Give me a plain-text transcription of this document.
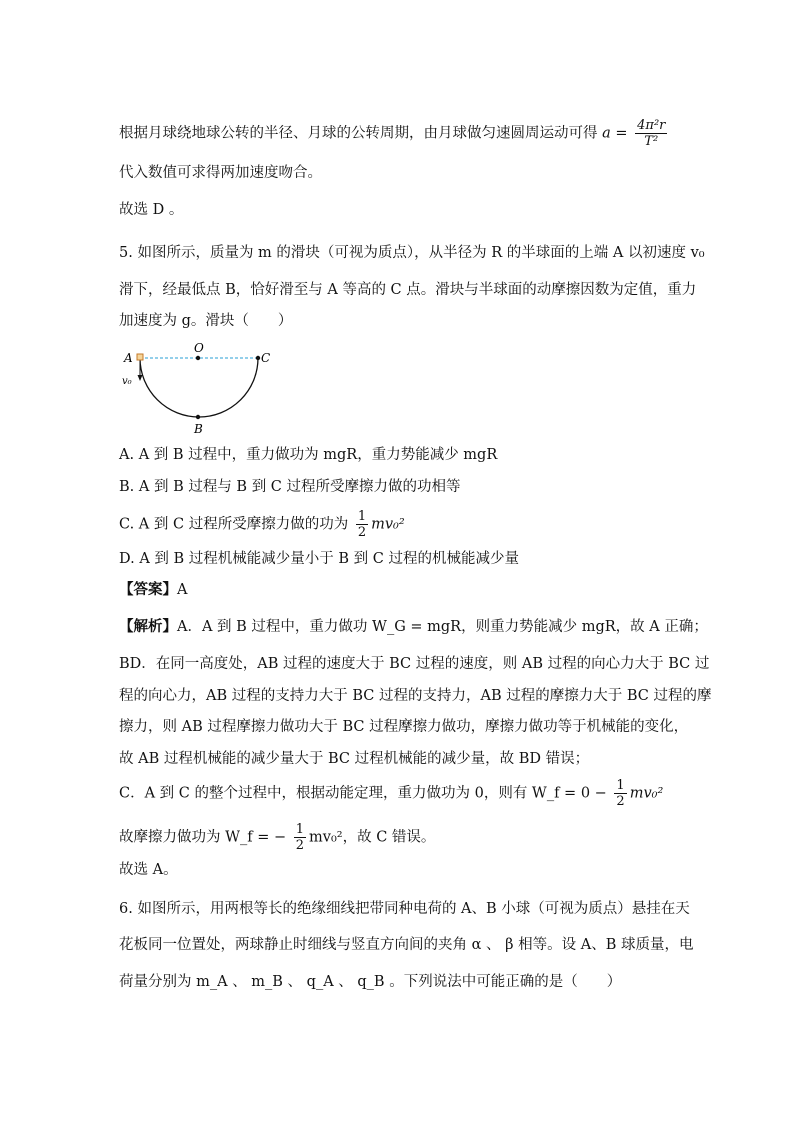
根据月球绕地球公转的半径、月球的公转周期，由月球做匀速圆周运动可得 $a = \frac{\text{4π²r}}{\text{T²}}$
代入数值可求得两加速度吻合。
故选 D 。
5. 如图所示，质量为 m 的滑块（可视为质点），从半径为 R 的半球面的上端 A 以初速度 v₀
滑下，经最低点 B，恰好滑至与 A 等高的 C 点。滑块与半球面的动摩擦因数为定值，重力
加速度为 g。滑块（　　）
A
O
C
B
v₀
A. A 到 B 过程中，重力做功为 mgR，重力势能减少 mgR
B. A 到 B 过程与 B 到 C 过程所受摩擦力做的功相等
C. A 到 C 过程所受摩擦力做的功为 $\frac{1}{2} mv_0^2$
D. A 到 B 过程机械能减少量小于 B 到 C 过程的机械能减少量
【答案】A
【解析】A．A 到 B 过程中，重力做功 W_G = mgR，则重力势能减少 mgR，故 A 正确；
BD．在同一高度处，AB 过程的速度大于 BC 过程的速度，则 AB 过程的向心力大于 BC 过
程的向心力，AB 过程的支持力大于 BC 过程的支持力，AB 过程的摩擦力大于 BC 过程的摩
擦力，则 AB 过程摩擦力做功大于 BC 过程摩擦力做功，摩擦力做功等于机械能的变化，
故 AB 过程机械能的减少量大于 BC 过程机械能的减少量，故 BD 错误；
C．A 到 C 的整个过程中，根据动能定理，重力做功为 0，则有 W_f = $0 - \frac{1}{2} mv_0^2$
故摩擦力做功为 W_f = − $\frac{1}{2} mv_0^2$，故 C 错误。
故选 A。
6. 如图所示，用两根等长的绝缘细线把带同种电荷的 A、B 小球（可视为质点）悬挂在天
花板同一位置处，两球静止时细线与竖直方向间的夹角 α 、 β 相等。设 A、B 球质量，电
荷量分别为 m_A 、 m_B 、 q_A 、 q_B 。下列说法中可能正确的是（　　）
